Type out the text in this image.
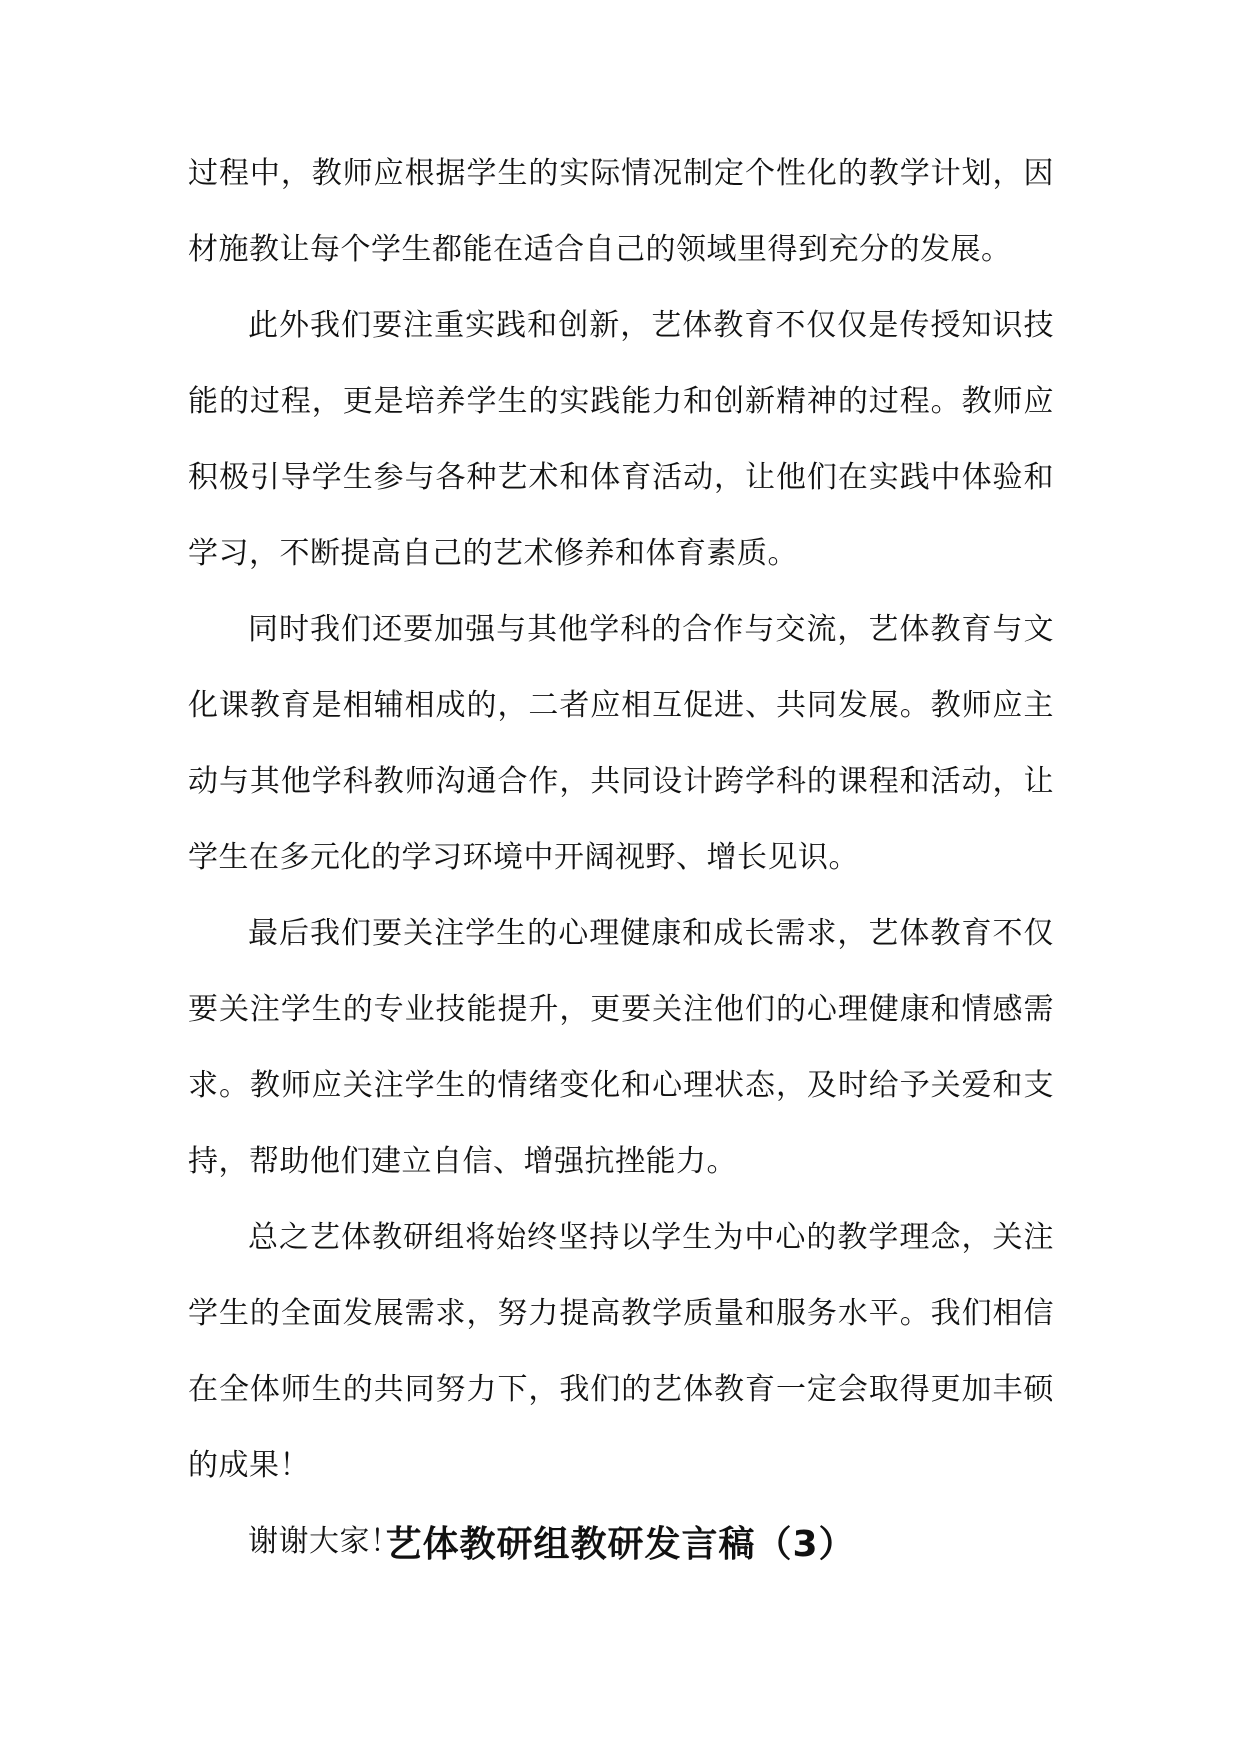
过程中，教师应根据学生的实际情况制定个性化的教学计划，因材施教让每个学生都能在适合自己的领域里得到充分的发展。

此外我们要注重实践和创新，艺体教育不仅仅是传授知识技能的过程，更是培养学生的实践能力和创新精神的过程。教师应积极引导学生参与各种艺术和体育活动，让他们在实践中体验和学习，不断提高自己的艺术修养和体育素质。

同时我们还要加强与其他学科的合作与交流，艺体教育与文化课教育是相辅相成的，二者应相互促进、共同发展。教师应主动与其他学科教师沟通合作，共同设计跨学科的课程和活动，让学生在多元化的学习环境中开阔视野、增长见识。

最后我们要关注学生的心理健康和成长需求，艺体教育不仅要关注学生的专业技能提升，更要关注他们的心理健康和情感需求。教师应关注学生的情绪变化和心理状态，及时给予关爱和支持，帮助他们建立自信、增强抗挫能力。

总之艺体教研组将始终坚持以学生为中心的教学理念，关注学生的全面发展需求，努力提高教学质量和服务水平。我们相信在全体师生的共同努力下，我们的艺体教育一定会取得更加丰硕的成果！

谢谢大家！

艺体教研组教研发言稿（3）
